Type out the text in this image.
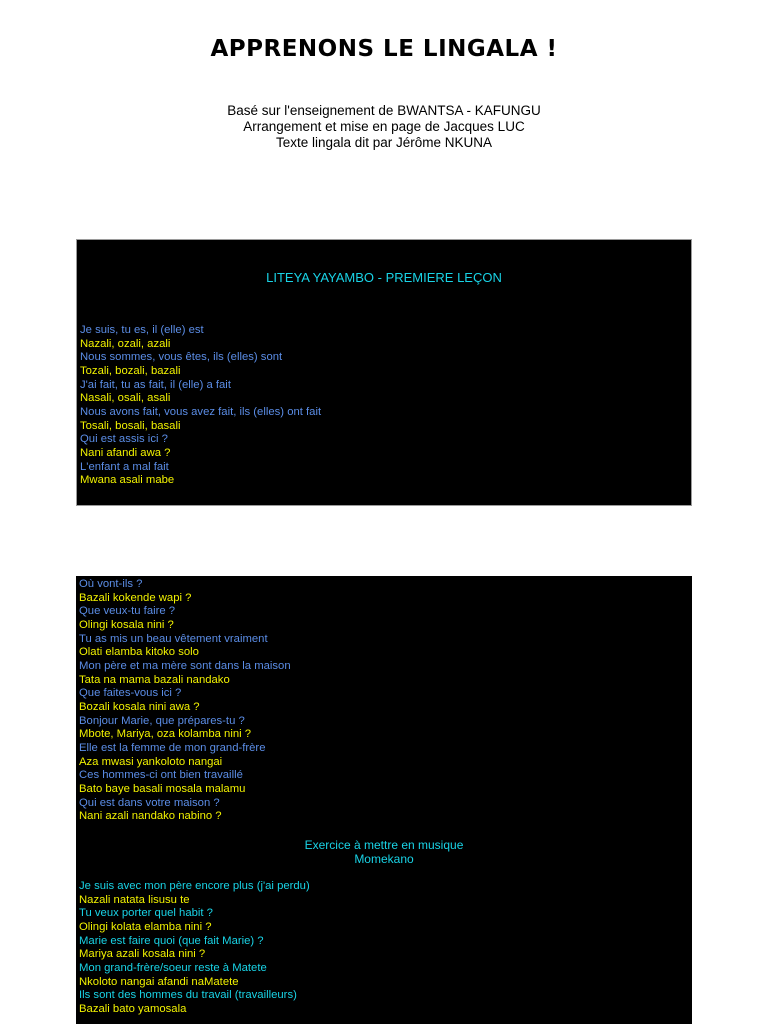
APPRENONS LE LINGALA !
Basé sur l'enseignement de BWANTSA - KAFUNGU
Arrangement et mise en page de Jacques LUC
Texte lingala dit par Jérôme NKUNA
LITEYA YAYAMBO - PREMIERE LEÇON
Je suis, tu es, il (elle) est
Nazali, ozali, azali
Nous sommes, vous êtes, ils (elles) sont
Tozali, bozali, bazali
J'ai fait, tu as fait, il (elle) a fait
Nasali, osali, asali
Nous avons fait, vous avez fait, ils (elles) ont fait
Tosali, bosali, basali
Qui est assis ici ?
Nani afandi awa ?
L'enfant a mal fait
Mwana asali mabe
Où vont-ils ?
Bazali kokende wapi ?
Que veux-tu faire ?
Olingi kosala nini ?
Tu as mis un beau vêtement vraiment
Olati elamba kitoko solo
Mon père et ma mère sont dans la maison
Tata na mama bazali nandako
Que faites-vous ici ?
Bozali kosala nini awa ?
Bonjour Marie, que prépares-tu ?
Mbote, Mariya, oza kolamba nini ?
Elle est la femme de mon grand-frère
Aza mwasi yankoloto nangai
Ces hommes-ci ont bien travaillé
Bato baye basali mosala malamu
Qui est dans votre maison ?
Nani azali nandako nabino ?
Exercice à mettre en musique
Momekano
Je suis avec mon père encore plus (j'ai perdu)
Nazali natata lisusu te
Tu veux porter quel habit ?
Olingi kolata elamba nini ?
Marie est faire quoi (que fait Marie) ?
Mariya azali kosala nini ?
Mon grand-frère/soeur reste à Matete
Nkoloto nangai afandi naMatete
Ils sont des hommes du travail (travailleurs)
Bazali bato yamosala
